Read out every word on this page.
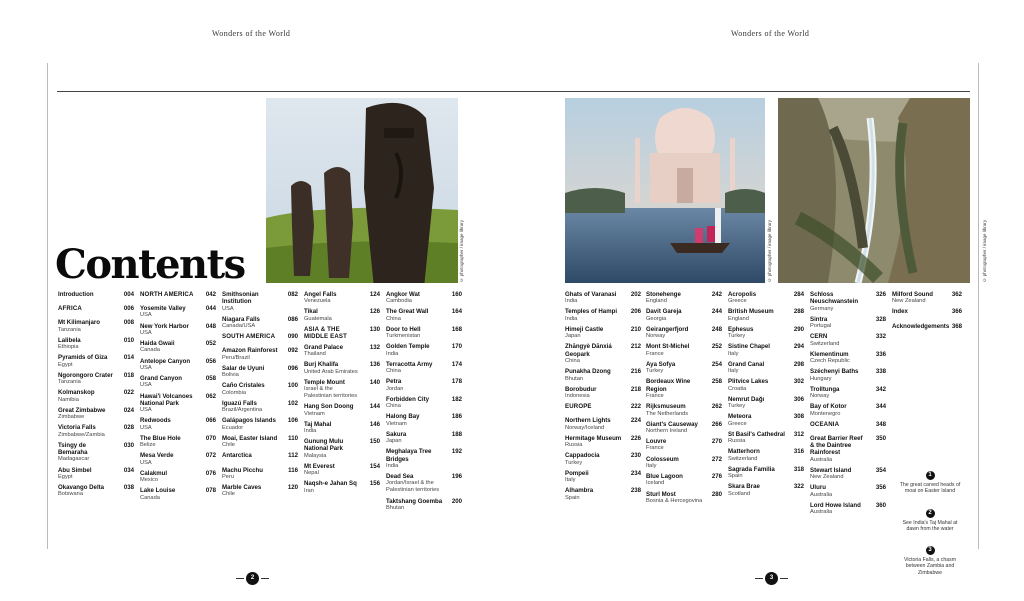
Wonders of the World	Wonders of the World
© photographer / image library	© photographer / image library	© photographer / image library
Contents
Introduction	004
AFRICA	006
Mt Kilimanjaro	008
Tanzania
Lalibela	010
Ethiopia
Pyramids of Giza	014
Egypt
Ngorongoro Crater	018
Tanzania
Kolmanskop	022
Namibia
Great Zimbabwe	024
Zimbabwe
Victoria Falls	028
Zimbabwe/Zambia
Tsingy de Bemaraha
030
Madagascar
Abu Simbel	034
Egypt
Okavango Delta	038
Botswana
NORTH AMERICA	042
Yosemite Valley	044
USA
New York Harbor	048
USA
Haida Gwaii	052
Canada
Antelope Canyon	056
USA
Grand Canyon	058
USA
Hawai'i Volcanoes National Park
062
USA
Redwoods	066
USA
The Blue Hole	070
Belize
Mesa Verde	072
USA
Calakmul	076
Mexico
Lake Louise	078
Canada
Smithsonian Institution
082
USA
Niagara Falls	086
Canada/USA
SOUTH AMERICA	090
Amazon Rainforest	092
Peru/Brazil
Salar de Uyuni	096
Bolivia
Caño Cristales	100
Colombia
Iguazú Falls	102
Brazil/Argentina
Galápagos Islands	106
Ecuador
Moai, Easter Island	110
Chile
Antarctica	112
Machu Picchu	116
Peru
Marble Caves	120
Chile
Angel Falls	124
Venezuela
Tikal	126
Guatemala
ASIA & THE MIDDLE EAST
130
Grand Palace	132
Thailand
Burj Khalifa	136
United Arab Emirates
Temple Mount	140
Israel & the Palestinian territories
Hang Son Doong	144
Vietnam
Taj Mahal	146
India
Gunung Mulu National Park
150
Malaysia
Mt Everest	154
Nepal
Naqsh-e Jahan Sq	156
Iran
Angkor Wat	160
Cambodia
The Great Wall	164
China
Door to Hell	168
Turkmenistan
Golden Temple	170
India
Terracotta Army	174
China
Petra	178
Jordan
Forbidden City	182
China
Halong Bay	186
Vietnam
Sakura	188
Japan
Meghalaya Tree Bridges
192
India
Dead Sea	196
Jordan/Israel & the Palestinian territories
Taktshang Goemba	200
Bhutan
Ghats of Varanasi	202
India
Temples of Hampi	206
India
Himeji Castle	210
Japan
Zhāngyè Dānxiá Geopark
212
China
Punakha Dzong	216
Bhutan
Borobudur	218
Indonesia
EUROPE	222
Northern Lights	224
Norway/Iceland
Hermitage Museum 226
Russia
Cappadocia	230
Turkey
Pompeii	234
Italy
Alhambra	238
Spain
Stonehenge	242
England
Davit Gareja	244
Georgia
Geirangerfjord	248
Norway
Mont St-Michel	252
France
Aya Sofya	254
Turkey
Bordeaux Wine Region
258
France
Rijksmuseum	262
The Netherlands
Giant's Causeway	266
Northern Ireland
Louvre	270
France
Colosseum	272
Italy
Blue Lagoon	276
Iceland
Sturl Most	280
Bosnia & Hercegovina
Acropolis	284
Greece
British Museum	288
England
Ephesus	290
Turkey
Sistine Chapel	294
Italy
Grand Canal	298
Italy
Plitvice Lakes	302
Croatia
Nemrut Dağı	306
Turkey
Meteora	308
Greece
St Basil's Cathedral 312
Russia
Matterhorn	316
Switzerland
Sagrada Familia	318
Spain
Skara Brae	322
Scotland
Schloss Neuschwanstein
326
Germany
Sintra	328
Portugal
CERN	332
Switzerland
Klementinum	336
Czech Republic
Széchenyi Baths	338
Hungary
Trolltunga	342
Norway
Bay of Kotor	344
Montenegro
OCEANIA	348
Great Barrier Reef & the Daintree Rainforest
350
Australia
Stewart Island	354
New Zealand
Uluru	356
Australia
Lord Howe Island	360
Australia
Milford Sound	362
New Zealand
Index	366
Acknowledgements 368
1
The great carved heads of moai on Easter Island
2
See India's Taj Mahal at dawn from the water
3
Victoria Falls, a chasm between Zambia and Zimbabwe
2	3
